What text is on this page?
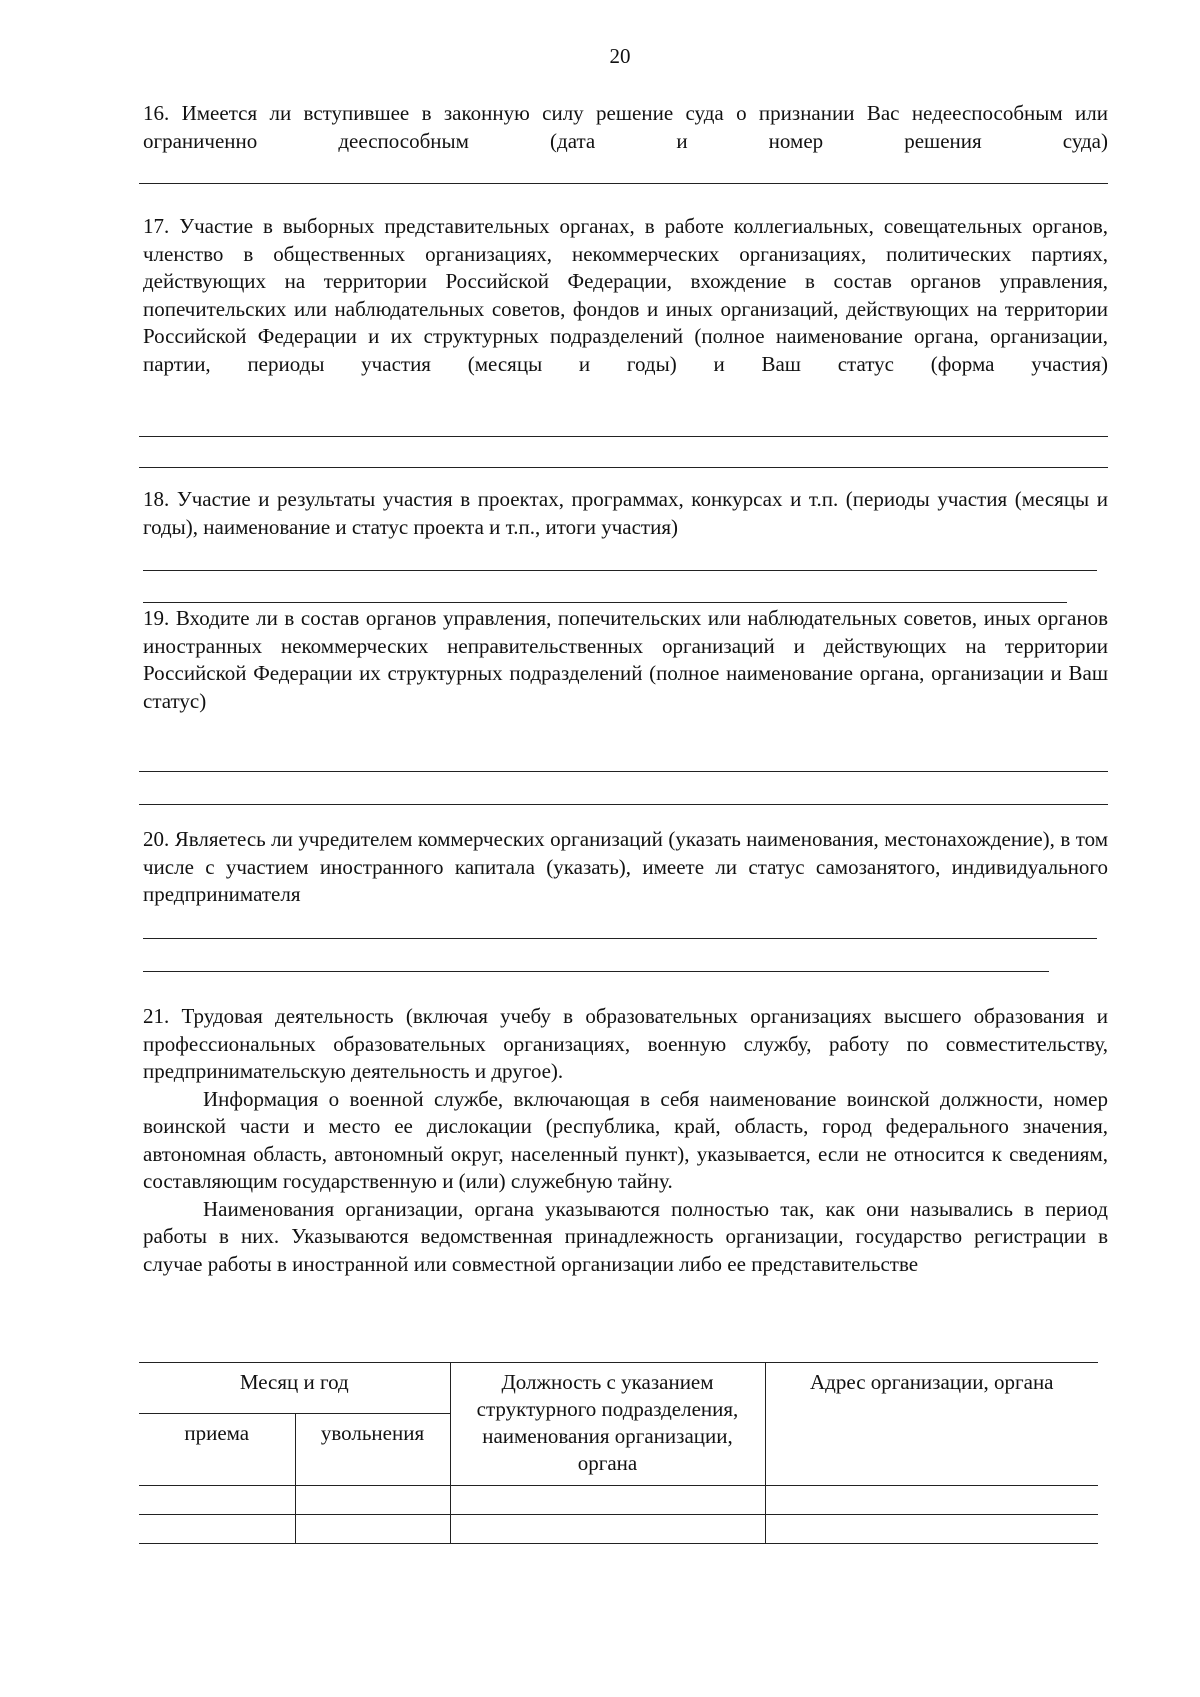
20
16. Имеется ли вступившее в законную силу решение суда о признании Вас недееспособным или ограниченно дееспособным (дата и номер решения суда)
17. Участие в выборных представительных органах, в работе коллегиальных, совещательных органов, членство в общественных организациях, некоммерческих организациях, политических партиях, действующих на территории Российской Федерации, вхождение в состав органов управления, попечительских или наблюдательных советов, фондов и иных организаций, действующих на территории Российской Федерации и их структурных подразделений (полное наименование органа, организации, партии, периоды участия (месяцы и годы) и Ваш статус (форма участия)
18. Участие и результаты участия в проектах, программах, конкурсах и т.п. (периоды участия (месяцы и годы), наименование и статус проекта и т.п., итоги участия)
19. Входите ли в состав органов управления, попечительских или наблюдательных советов, иных органов иностранных некоммерческих неправительственных организаций и действующих на территории Российской Федерации их структурных подразделений (полное наименование органа, организации и Ваш статус)
20. Являетесь ли учредителем коммерческих организаций (указать наименования, местонахождение), в том числе с участием иностранного капитала (указать), имеете ли статус самозанятого, индивидуального предпринимателя
21. Трудовая деятельность (включая учебу в образовательных организациях высшего образования и профессиональных образовательных организациях, военную службу, работу по совместительству, предпринимательскую деятельность и другое).
Информация о военной службе, включающая в себя наименование воинской должности, номер воинской части и место ее дислокации (республика, край, область, город федерального значения, автономная область, автономный округ, населенный пункт), указывается, если не относится к сведениям, составляющим государственную и (или) служебную тайну.
Наименования организации, органа указываются полностью так, как они назывались в период работы в них. Указываются ведомственная принадлежность организации, государство регистрации в случае работы в иностранной или совместной организации либо ее представительстве
Месяц и год		Должность с указанием структурного подразделения, наименования организации, органа	Адрес организации, органа
приема	увольнения		
